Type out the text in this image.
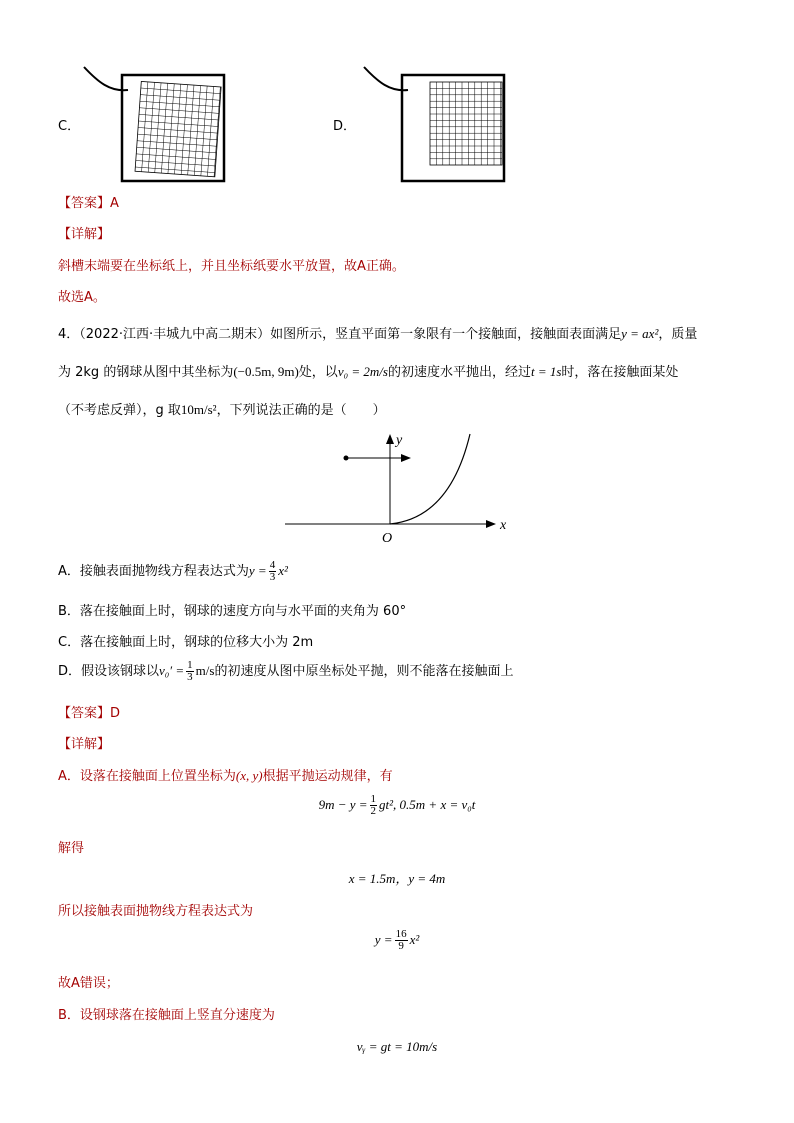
C．	D．
【答案】A
【详解】
斜槽末端要在坐标纸上，并且坐标纸要水平放置，故A正确。
故选A。
4．（2022·江西·丰城九中高二期末）如图所示，竖直平面第一象限有一个接触面，接触面表面满足y = ax²，质量
为 2kg 的钢球从图中其坐标为(−0.5m, 9m)处，以v₀ = 2m/s的初速度水平抛出，经过t = 1s时，落在接触面某处
（不考虑反弹），g 取10m/s²，下列说法正确的是（　　）
y
x
O
A．接触表面抛物线方程表达式为$y = \frac{4}{3} x^2$
B．落在接触面上时，钢球的速度方向与水平面的夹角为 60°
C．落在接触面上时，钢球的位移大小为 2m
D．假设该钢球以$v_0' = \frac{1}{3} m/s$的初速度从图中原坐标处平抛，则不能落在接触面上
【答案】D
【详解】
A．设落在接触面上位置坐标为(x, y)根据平抛运动规律，有
$9m - y = \frac{1}{2} gt^2$, 0.5m + x = v₀t
解得
x = 1.5m，y = 4m
所以接触表面抛物线方程表达式为
$y = \frac{16}{9} x^2$
故A错误；
B．设钢球落在接触面上竖直分速度为
vᵧ = gt = 10m/s
